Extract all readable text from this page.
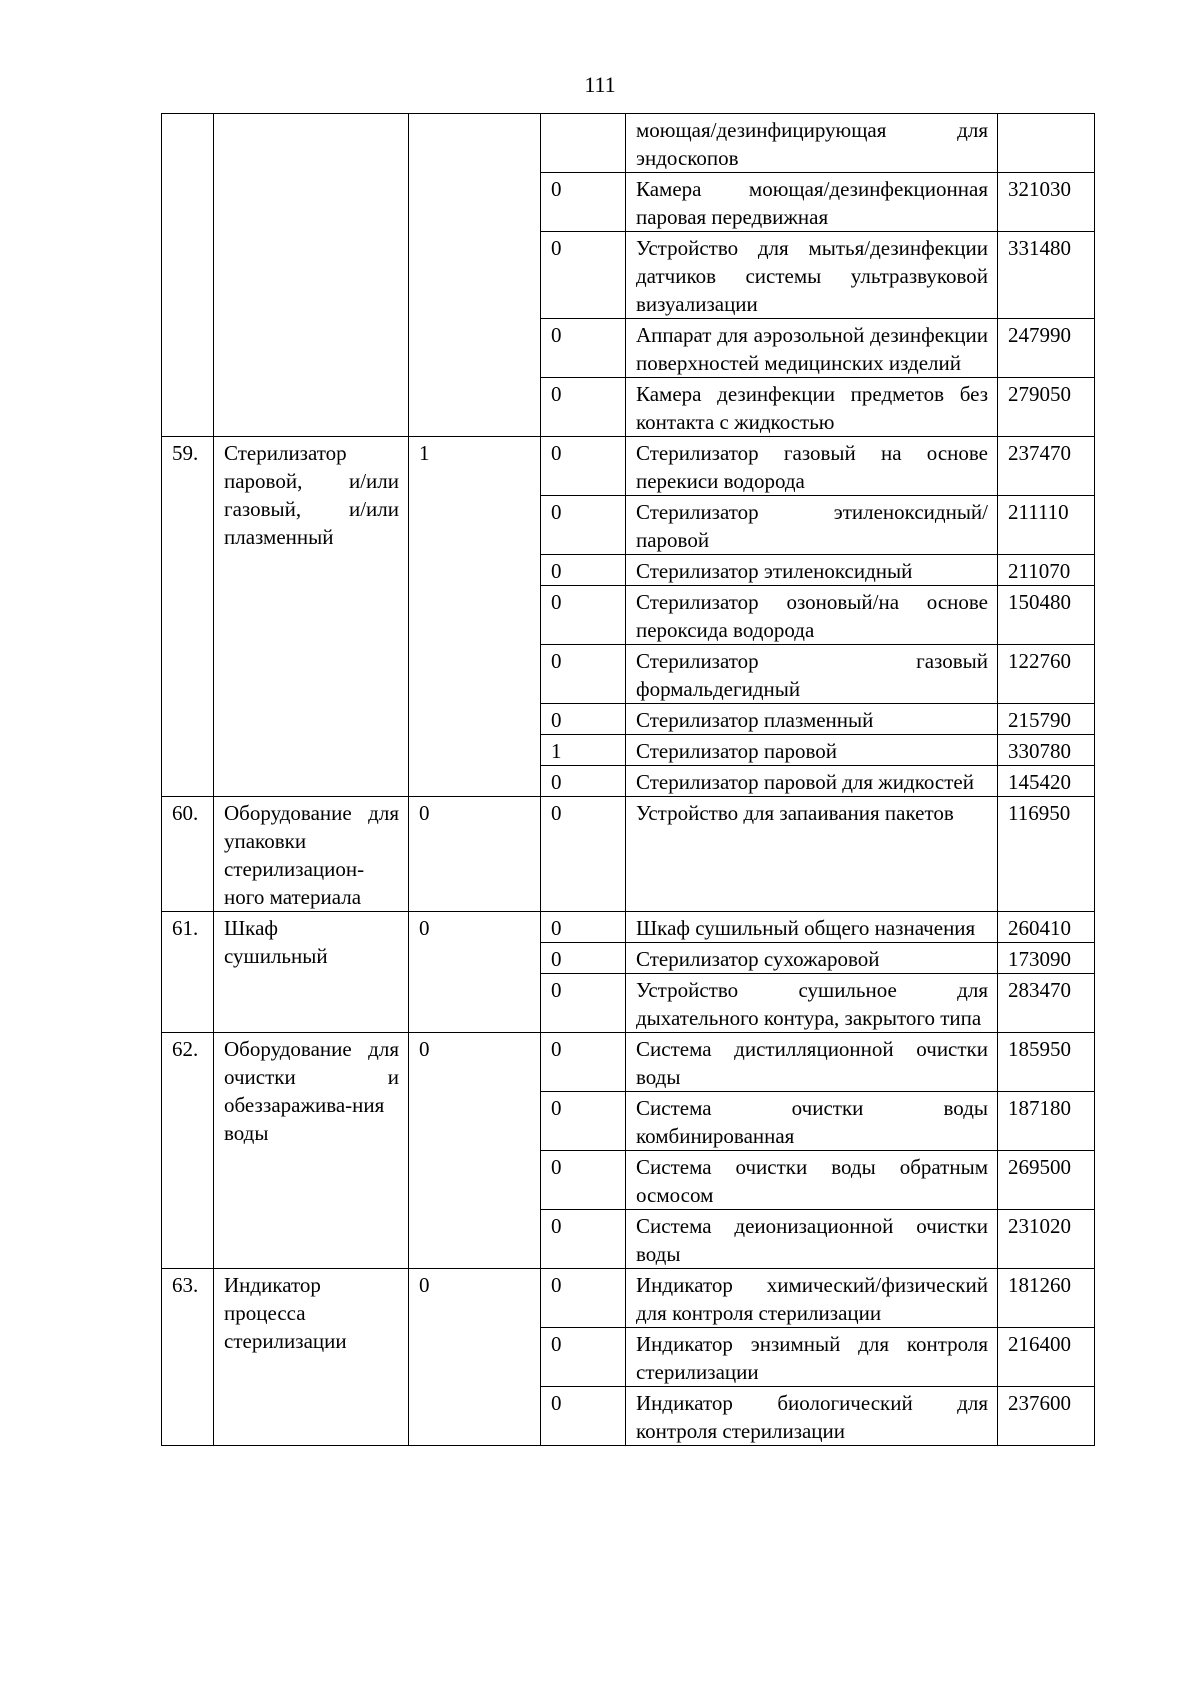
111
				моющая/дезинфицирующая для эндоскопов	
			0	Камера моющая/дезинфекционная паровая передвижная	321030
			0	Устройство для мытья/дезинфекции датчиков системы ультразвуковой визуализации	331480
			0	Аппарат для аэрозольной дезинфекции поверхностей медицинских изделий	247990
			0	Камера дезинфекции предметов без контакта с жидкостью	279050
59.	Стерилизатор паровой, и/или газовый, и/или плазменный	1	0	Стерилизатор газовый на основе перекиси водорода	237470
			0	Стерилизатор этиленоксидный/паровой	211110
			0	Стерилизатор этиленоксидный	211070
			0	Стерилизатор озоновый/на основе пероксида водорода	150480
			0	Стерилизатор газовый формальдегидный	122760
			0	Стерилизатор плазменный	215790
			1	Стерилизатор паровой	330780
			0	Стерилизатор паровой для жидкостей	145420
60.	Оборудование для упаковки стерилизацион-ного материала	0	0	Устройство для запаивания пакетов	116950
61.	Шкаф сушильный	0	0	Шкаф сушильный общего назначения	260410
			0	Стерилизатор сухожаровой	173090
			0	Устройство сушильное для дыхательного контура, закрытого типа	283470
62.	Оборудование для очистки и обеззаражива-ния воды	0	0	Система дистилляционной очистки воды	185950
			0	Система очистки воды комбинированная	187180
			0	Система очистки воды обратным осмосом	269500
			0	Система деионизационной очистки воды	231020
63.	Индикатор процесса стерилизации	0	0	Индикатор химический/физический для контроля стерилизации	181260
			0	Индикатор энзимный для контроля стерилизации	216400
			0	Индикатор биологический для контроля стерилизации	237600
